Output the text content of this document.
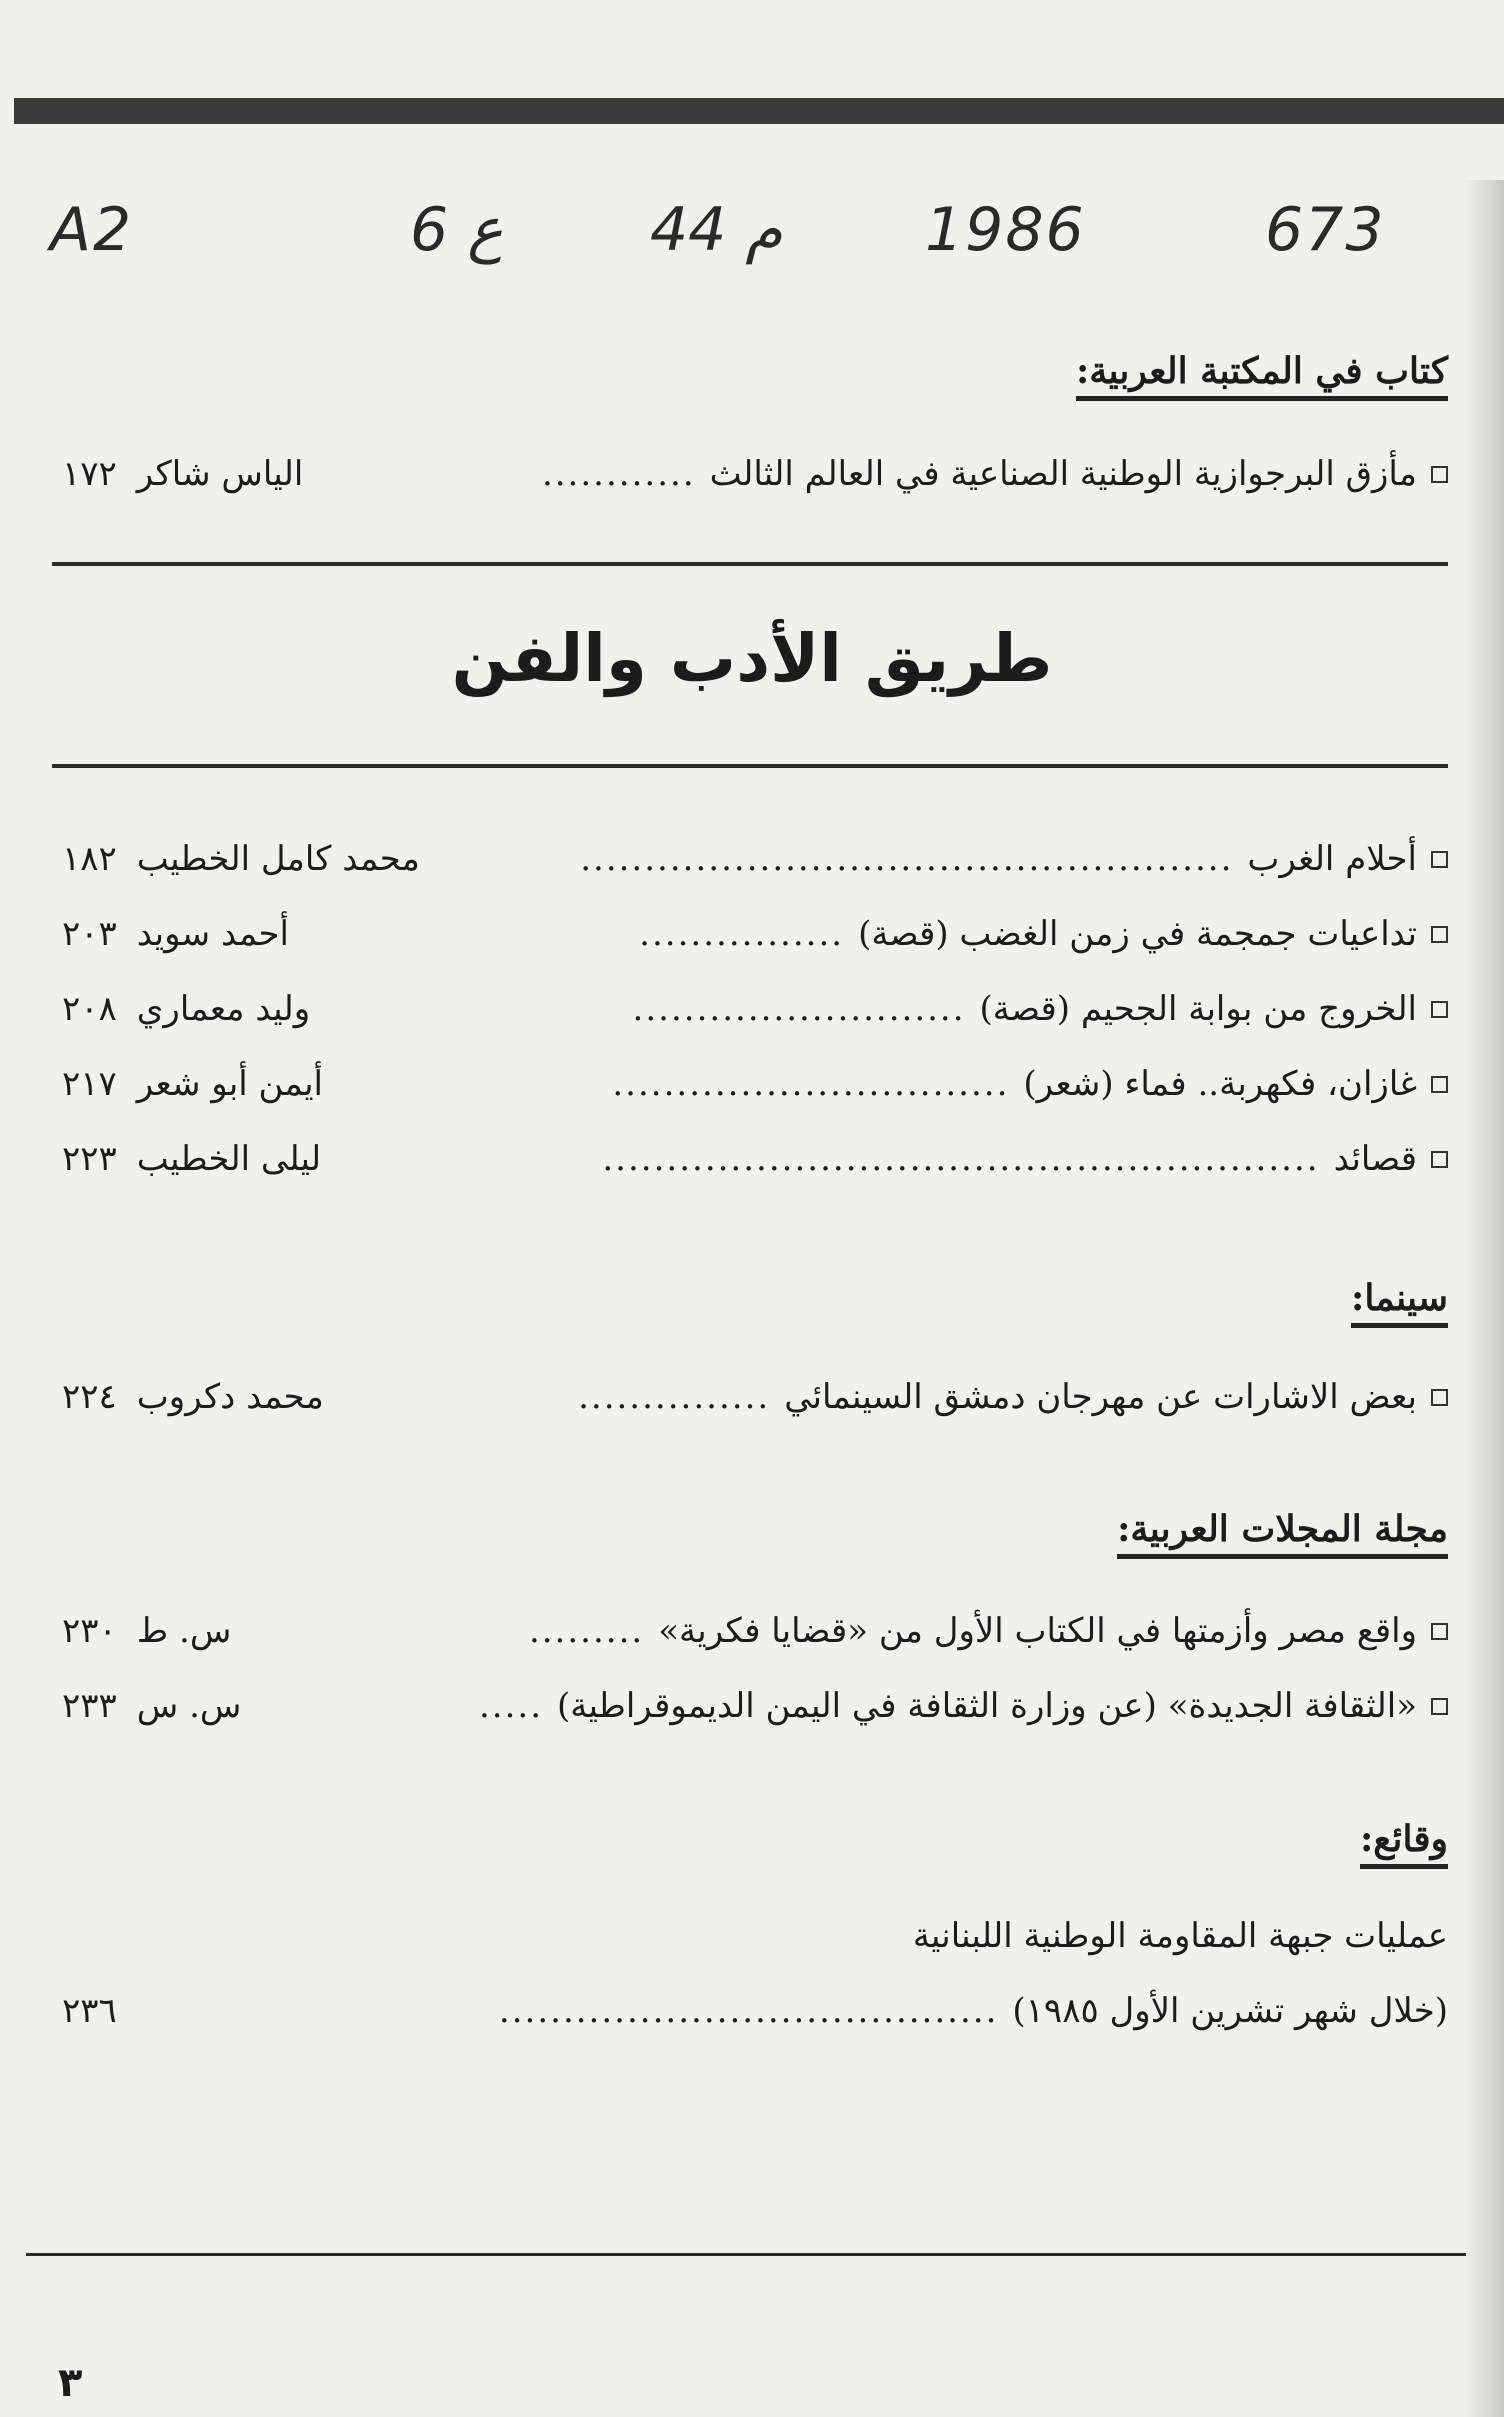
A2	6 ع 44 م 1986	673
كتاب في المكتبة العربية:
مأزق البرجوازية الوطنية الصناعية في العالم الثالث
............
الياس شاكر
١٧٢
طريق الأدب والفن
أحلام الغرب
...................................................
محمد كامل الخطيب
١٨٢
تداعيات جمجمة في زمن الغضب (قصة)
................
أحمد سويد
٢٠٣
الخروج من بوابة الجحيم (قصة)
..........................
وليد معماري
٢٠٨
غازان، فكهربة.. فماء (شعر)
...............................
أيمن أبو شعر
٢١٧
قصائد
........................................................
ليلى الخطيب
٢٢٣
سينما:
بعض الاشارات عن مهرجان دمشق السينمائي
...............
محمد دكروب
٢٢٤
مجلة المجلات العربية:
واقع مصر وأزمتها في الكتاب الأول من «قضايا فكرية»
.........
س. ط
٢٣٠
«الثقافة الجديدة» (عن وزارة الثقافة في اليمن الديموقراطية)
.....
س. س
٢٣٣
وقائع:
عمليات جبهة المقاومة الوطنية اللبنانية
(خلال شهر تشرين الأول ١٩٨٥)
.......................................
٢٣٦
٣
